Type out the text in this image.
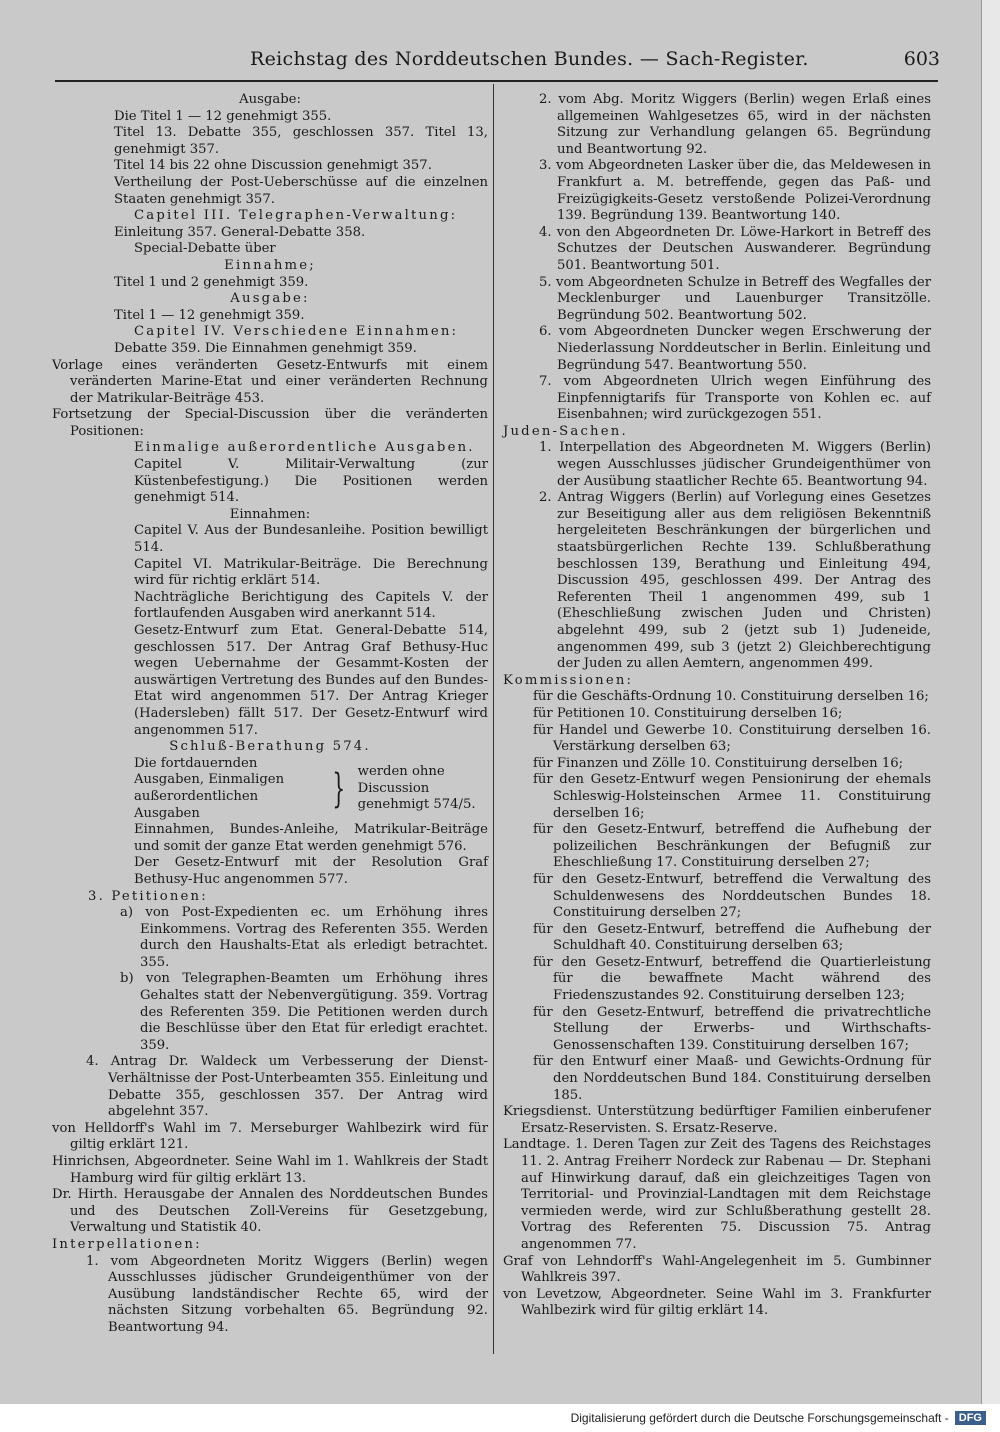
Reichstag des Norddeutschen Bundes. — Sach-Register.	603

Ausgabe:

Die Titel 1 — 12 genehmigt 355.

Titel 13. Debatte 355, geschlossen 357. Titel 13, genehmigt 357.

Titel 14 bis 22 ohne Discussion genehmigt 357.

Vertheilung der Post-Ueberschüsse auf die einzelnen Staaten genehmigt 357.

Capitel III. Telegraphen-Verwaltung:

Einleitung 357. General-Debatte 358.

Special-Debatte über

Einnahme;

Titel 1 und 2 genehmigt 359.

Ausgabe:

Titel 1 — 12 genehmigt 359.

Capitel IV. Verschiedene Einnahmen:

Debatte 359. Die Einnahmen genehmigt 359.

Vorlage eines veränderten Gesetz-Entwurfs mit einem veränderten Marine-Etat und einer veränderten Rechnung der Matrikular-Beiträge 453.

Fortsetzung der Special-Discussion über die veränderten Positionen:

Einmalige außerordentliche Ausgaben.

Capitel V. Militair-Verwaltung (zur Küstenbefestigung.) Die Positionen werden genehmigt 514.

Einnahmen:

Capitel V. Aus der Bundesanleihe. Position bewilligt 514.

Capitel VI. Matrikular-Beiträge. Die Berechnung wird für richtig erklärt 514.

Nachträgliche Berichtigung des Capitels V. der fortlaufenden Ausgaben wird anerkannt 514.

Gesetz-Entwurf zum Etat. General-Debatte 514, geschlossen 517. Der Antrag Graf Bethusy-Huc wegen Uebernahme der Gesammt-Kosten der auswärtigen Vertretung des Bundes auf den Bundes-Etat wird angenommen 517. Der Antrag Krieger (Hadersleben) fällt 517. Der Gesetz-Entwurf wird angenommen 517.

Schluß-Berathung 574.

Die fortdauernden Ausgaben, Einmaligen außerordentlichen Ausgaben
} werden ohne Discussion genehmigt 574/5.

Einnahmen, Bundes-Anleihe, Matrikular-Beiträge und somit der ganze Etat werden genehmigt 576.

Der Gesetz-Entwurf mit der Resolution Graf Bethusy-Huc angenommen 577.

3. Petitionen:

a) von Post-Expedienten ec. um Erhöhung ihres Einkommens. Vortrag des Referenten 355. Werden durch den Haushalts-Etat als erledigt betrachtet. 355.

b) von Telegraphen-Beamten um Erhöhung ihres Gehaltes statt der Nebenvergütigung. 359. Vortrag des Referenten 359. Die Petitionen werden durch die Beschlüsse über den Etat für erledigt erachtet. 359.

4. Antrag Dr. Waldeck um Verbesserung der Dienst-Verhältnisse der Post-Unterbeamten 355. Einleitung und Debatte 355, geschlossen 357. Der Antrag wird abgelehnt 357.

von Helldorff's Wahl im 7. Merseburger Wahlbezirk wird für giltig erklärt 121.

Hinrichsen, Abgeordneter. Seine Wahl im 1. Wahlkreis der Stadt Hamburg wird für giltig erklärt 13.

Dr. Hirth. Herausgabe der Annalen des Norddeutschen Bundes und des Deutschen Zoll-Vereins für Gesetzgebung, Verwaltung und Statistik 40.

Interpellationen:

1. vom Abgeordneten Moritz Wiggers (Berlin) wegen Ausschlusses jüdischer Grundeigenthümer von der Ausübung landständischer Rechte 65, wird der nächsten Sitzung vorbehalten 65. Begründung 92. Beantwortung 94.

2. vom Abg. Moritz Wiggers (Berlin) wegen Erlaß eines allgemeinen Wahlgesetzes 65, wird in der nächsten Sitzung zur Verhandlung gelangen 65. Begründung und Beantwortung 92.

3. vom Abgeordneten Lasker über die, das Meldewesen in Frankfurt a. M. betreffende, gegen das Paß- und Freizügigkeits-Gesetz verstoßende Polizei-Verordnung 139. Begründung 139. Beantwortung 140.

4. von den Abgeordneten Dr. Löwe-Harkort in Betreff des Schutzes der Deutschen Auswanderer. Begründung 501. Beantwortung 501.

5. vom Abgeordneten Schulze in Betreff des Wegfalles der Mecklenburger und Lauenburger Transitzölle. Begründung 502. Beantwortung 502.

6. vom Abgeordneten Duncker wegen Erschwerung der Niederlassung Norddeutscher in Berlin. Einleitung und Begründung 547. Beantwortung 550.

7. vom Abgeordneten Ulrich wegen Einführung des Einpfennigtarifs für Transporte von Kohlen ec. auf Eisenbahnen; wird zurückgezogen 551.

Juden-Sachen.

1. Interpellation des Abgeordneten M. Wiggers (Berlin) wegen Ausschlusses jüdischer Grundeigenthümer von der Ausübung staatlicher Rechte 65. Beantwortung 94.

2. Antrag Wiggers (Berlin) auf Vorlegung eines Gesetzes zur Beseitigung aller aus dem religiösen Bekenntniß hergeleiteten Beschränkungen der bürgerlichen und staatsbürgerlichen Rechte 139. Schlußberathung beschlossen 139, Berathung und Einleitung 494, Discussion 495, geschlossen 499. Der Antrag des Referenten Theil 1 angenommen 499, sub 1 (Eheschließung zwischen Juden und Christen) abgelehnt 499, sub 2 (jetzt sub 1) Judeneide, angenommen 499, sub 3 (jetzt 2) Gleichberechtigung der Juden zu allen Aemtern, angenommen 499.

Kommissionen:

für die Geschäfts-Ordnung 10. Constituirung derselben 16;

für Petitionen 10. Constituirung derselben 16;

für Handel und Gewerbe 10. Constituirung derselben 16. Verstärkung derselben 63;

für Finanzen und Zölle 10. Constituirung derselben 16;

für den Gesetz-Entwurf wegen Pensionirung der ehemals Schleswig-Holsteinschen Armee 11. Constituirung derselben 16;

für den Gesetz-Entwurf, betreffend die Aufhebung der polizeilichen Beschränkungen der Befugniß zur Eheschließung 17. Constituirung derselben 27;

für den Gesetz-Entwurf, betreffend die Verwaltung des Schuldenwesens des Norddeutschen Bundes 18. Constituirung derselben 27;

für den Gesetz-Entwurf, betreffend die Aufhebung der Schuldhaft 40. Constituirung derselben 63;

für den Gesetz-Entwurf, betreffend die Quartierleistung für die bewaffnete Macht während des Friedenszustandes 92. Constituirung derselben 123;

für den Gesetz-Entwurf, betreffend die privatrechtliche Stellung der Erwerbs- und Wirthschafts-Genossenschaften 139. Constituirung derselben 167;

für den Entwurf einer Maaß- und Gewichts-Ordnung für den Norddeutschen Bund 184. Constituirung derselben 185.

Kriegsdienst. Unterstützung bedürftiger Familien einberufener Ersatz-Reservisten. S. Ersatz-Reserve.

Landtage. 1. Deren Tagen zur Zeit des Tagens des Reichstages 11. 2. Antrag Freiherr Nordeck zur Rabenau — Dr. Stephani auf Hinwirkung darauf, daß ein gleichzeitiges Tagen von Territorial- und Provinzial-Landtagen mit dem Reichstage vermieden werde, wird zur Schlußberathung gestellt 28. Vortrag des Referenten 75. Discussion 75. Antrag angenommen 77.

Graf von Lehndorff's Wahl-Angelegenheit im 5. Gumbinner Wahlkreis 397.

von Levetzow, Abgeordneter. Seine Wahl im 3. Frankfurter Wahlbezirk wird für giltig erklärt 14.

Digitalisierung gefördert durch die Deutsche Forschungsgemeinschaft - DFG
